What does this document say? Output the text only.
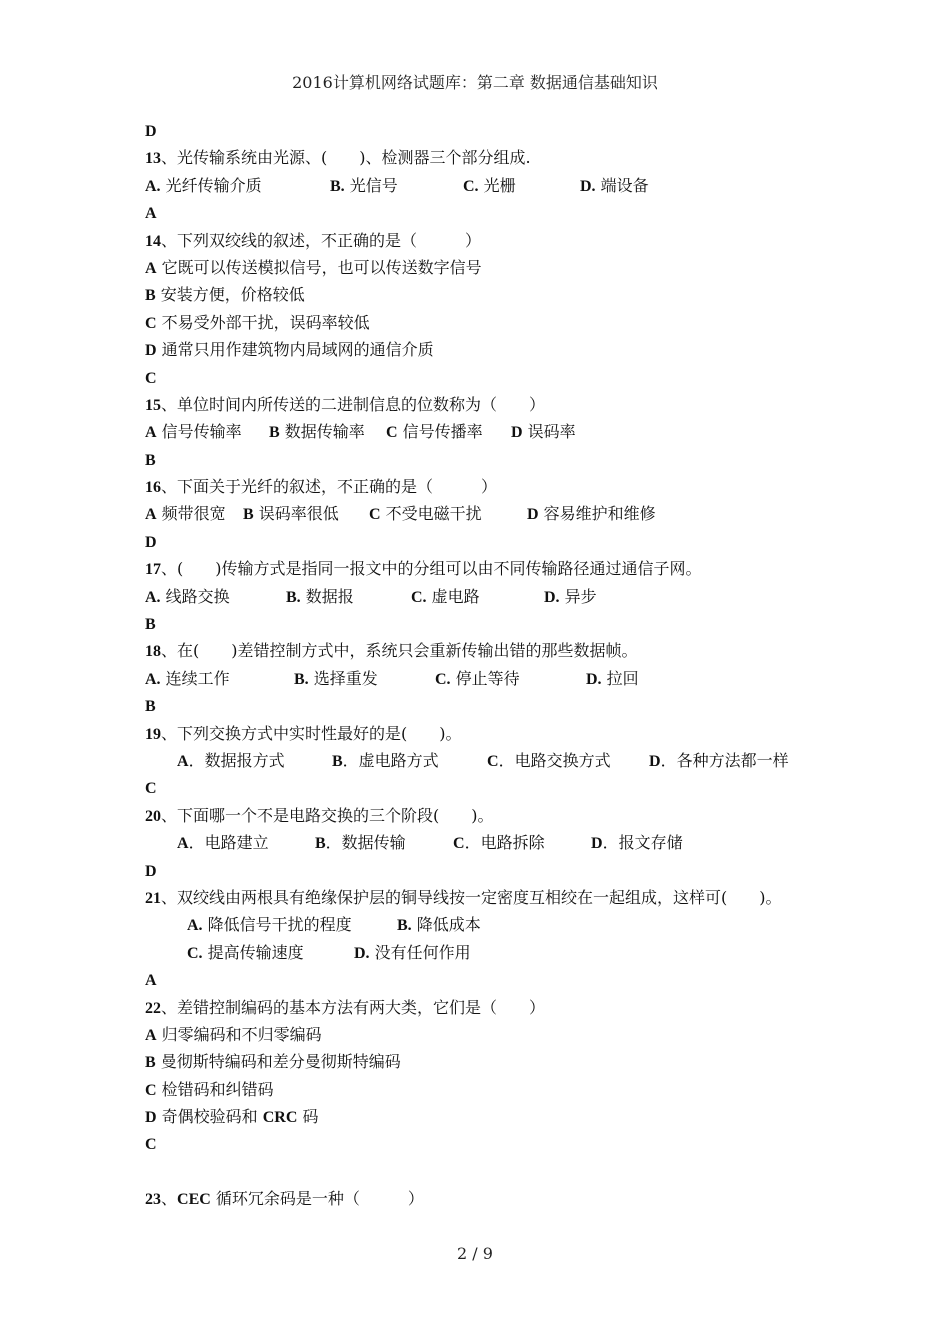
2016计算机网络试题库：第二章 数据通信基础知识
D
13、光传输系统由光源、(　　)、检测器三个部分组成.
A. 光纤传输介质	B. 光信号	C. 光栅	D. 端设备
A
14、下列双绞线的叙述，不正确的是（　　　）
A 它既可以传送模拟信号，也可以传送数字信号
B 安装方便，价格较低
C 不易受外部干扰，误码率较低
D 通常只用作建筑物内局域网的通信介质
C
15、单位时间内所传送的二进制信息的位数称为（　　）
A 信号传输率 B 数据传输率 C 信号传播率 D 误码率
B
16、下面关于光纤的叙述，不正确的是（　　　）
A 频带很宽 B 误码率很低 C 不受电磁干扰	D 容易维护和维修
D
17、(　　)传输方式是指同一报文中的分组可以由不同传输路径通过通信子网。
A. 线路交换	B. 数据报	C. 虚电路	D. 异步
B
18、在(　　)差错控制方式中，系统只会重新传输出错的那些数据帧。
A. 连续工作	B. 选择重发	C. 停止等待	D. 拉回
B
19、下列交换方式中实时性最好的是(　　)。
A．数据报方式	B．虚电路方式	C．电路交换方式 D．各种方法都一样
C
20、下面哪一个不是电路交换的三个阶段(　　)。
A．电路建立	B．数据传输	C．电路拆除	D．报文存储
D
21、双绞线由两根具有绝缘保护层的铜导线按一定密度互相绞在一起组成，这样可(　　)。
A. 降低信号干扰的程度	B. 降低成本
C. 提高传输速度	D. 没有任何作用
A
22、差错控制编码的基本方法有两大类，它们是（　　）
A 归零编码和不归零编码
B 曼彻斯特编码和差分曼彻斯特编码
C 检错码和纠错码
D 奇偶校验码和 CRC 码
C
23、CEC 循环冗余码是一种（　　　）
2 / 9
